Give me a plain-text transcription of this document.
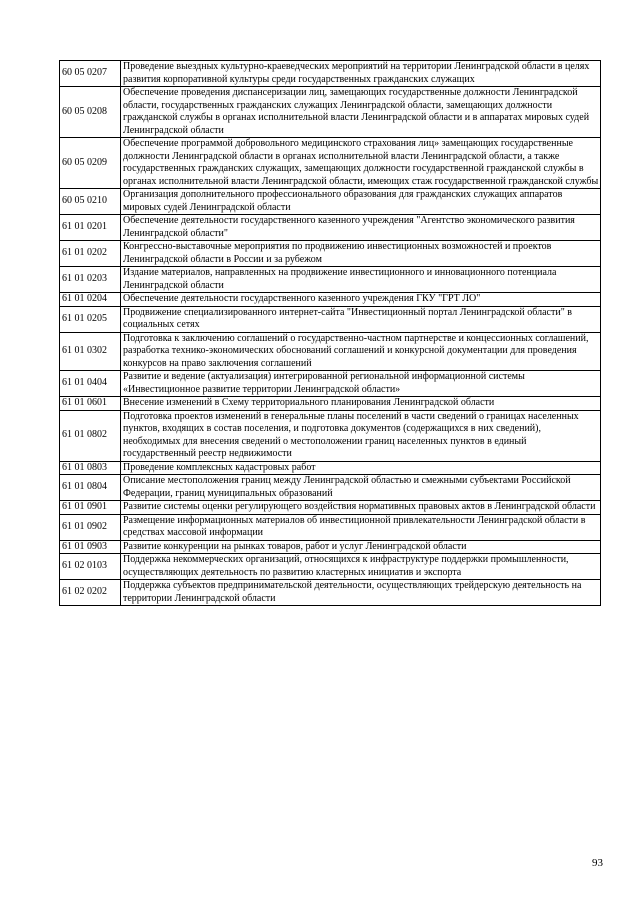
60 05 0207	Проведение выездных культурно-краеведческих мероприятий на территории Ленинградской области в целях развития корпоративной культуры среди государственных гражданских служащих
60 05 0208	Обеспечение проведения диспансеризации лиц, замещающих государственные должности Ленинградской области, государственных гражданских служащих Ленинградской области, замещающих должности гражданской службы в органах исполнительной власти Ленинградской области и в аппаратах мировых судей Ленинградской области
60 05 0209	Обеспечение программой добровольного медицинского страхования лиц» замещающих государственные должности Ленинградской области в органах исполнительной власти Ленинградской области, а также государственных гражданских служащих, замещающих должности государственной гражданской службы в органах исполнительной власти Ленинградской области, имеющих стаж государственной гражданской службы
60 05 0210	Организация дополнительного профессионального образования для гражданских служащих аппаратов мировых судей Ленинградской области
61 01 0201	Обеспечение деятельности государственного казенного учреждения "Агентство экономического развития Ленинградской области"
61 01 0202	Конгрессно-выставочные мероприятия по продвижению инвестиционных возможностей и проектов Ленинградской области в России и за рубежом
61 01 0203	Издание материалов, направленных на продвижение инвестиционного и инновационного потенциала Ленинградской области
61 01 0204	Обеспечение деятельности государственного казенного учреждения ГКУ "ГРТ ЛО"
61 01 0205	Продвижение специализированного интернет-сайта "Инвестиционный портал Ленинградской области" в социальных сетях
61 01 0302	Подготовка к заключению соглашений о государственно-частном партнерстве и концессионных соглашений, разработка технико-экономических обоснований соглашений и конкурсной документации для проведения конкурсов на право заключения соглашений
61 01 0404	Развитие и ведение (актуализация) интегрированной региональной информационной системы «Инвестиционное развитие территории Ленинградской области»
61 01 0601	Внесение изменений в Схему территориального планирования Ленинградской области
61 01 0802	Подготовка проектов изменений в генеральные планы поселений в части сведений о границах населенных пунктов, входящих в состав поселения, и подготовка документов (содержащихся в них сведений), необходимых для внесения сведений о местоположении границ населенных пунктов в единый государственный реестр недвижимости
61 01 0803	Проведение комплексных кадастровых работ
61 01 0804	Описание местоположения границ между Ленинградской областью и смежными субъектами Российской Федерации, границ муниципальных образований
61 01 0901	Развитие системы оценки регулирующего воздействия нормативных правовых актов в Ленинградской области
61 01 0902	Размещение информационных материалов об инвестиционной привлекательности Ленинградской области в средствах массовой информации
61 01 0903	Развитие конкуренции на рынках товаров, работ и услуг Ленинградской области
61 02 0103	Поддержка некоммерческих организаций, относящихся к инфраструктуре поддержки промышленности, осуществляющих деятельность по развитию кластерных инициатив и экспорта
61 02 0202	Поддержка субъектов предпринимательской деятельности, осуществляющих трейдерскую деятельность на территории Ленинградской области
93
